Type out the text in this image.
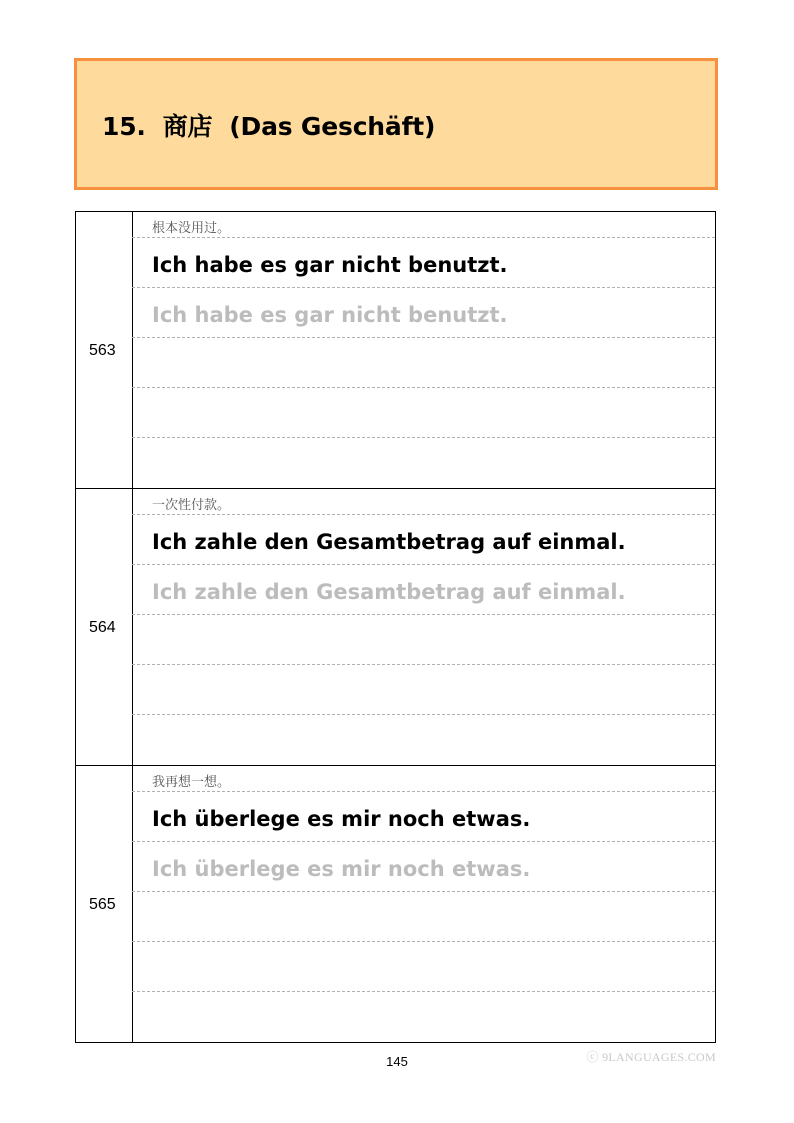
15.  商店  (Das Geschäft)
563
根本没用过。
Ich habe es gar nicht benutzt.
Ich habe es gar nicht benutzt.
564
一次性付款。
Ich zahle den Gesamtbetrag auf einmal.
Ich zahle den Gesamtbetrag auf einmal.
565
我再想一想。
Ich überlege es mir noch etwas.
Ich überlege es mir noch etwas.
145	ⓒ 9LANGUAGES.COM
